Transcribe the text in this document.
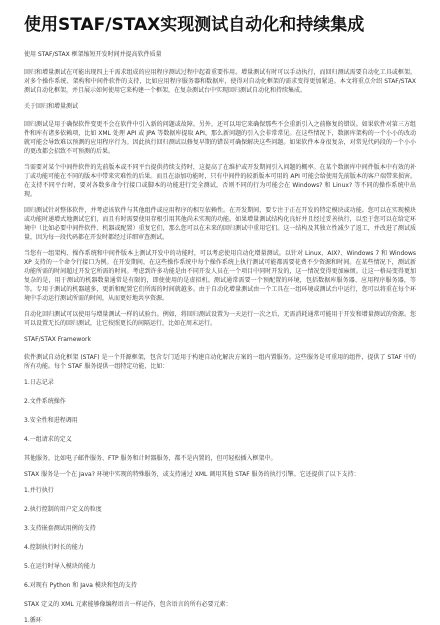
使用STAF/STAX实现测试自动化和持续集成
使用 STAF/STAX 框架缩短开发时间并提高软件质量
回归和增量测试在可能出现四上千需求组成的应用程序测试过程中起着重要作用。增量测试有时可以手动执行，而回归测试需要自动化工具或框架。对多个操作系统、架构和中间件软件的支持，比如应用程序服务器和数据库，使得对自动化框架的需求变得更加紧迫。本文将重点介绍 STAF/STAX 测试自动化框架，并且展示如何使用它来构建一个框架，在复杂测试台中实现回归测试自动化和持续集成。
关于回归和增量测试
回归测试是用于确保软件变更不会在软件中引入新的问题或故障。另外，还可以用它来确保那些不会重新引入之前修复的错误。如果软件对第三方组件和库有诸多依赖项，比如 XML 处理 API 或 JPA 等数据库提取 API，那么新问题的引入会非常常见。在这些情况下，数据库架构的一个小小的改动就可能会导致难以预测的应用程序行为。因此执行回归测试以修复早期的错误可确保解决这些问题。如果软件本身很复杂，对常见代码段的一个小小的更改都会招致不可预测的后果。
当需要对某个中间件软件的先前版本或不同平台提供持续支持时，这提高了在维护或开发期间引入问题的概率。在某个数据库中间件版本中有效的补丁或功能可能在不同的版本中带来灾难性的后果。而且在添加功能时，只有中间件的较新版本可用的 API 可能会给使用先前版本的客户端带来损害。在支持不同平台时，要对各数多命令行接口或脚本的功能进行完全测试，否则不同的行为可能会在 Windows? 和 Linux? 等不同的操作系统中出现。
回归测试针对整体软件，并考虑该软件与其他组件或应用程序的相互依赖性。在开发期间，要专注于正在开发的特定模块或功能。您可以在实现模块或功能时递增式地测试它们，而且有时需要使用存根引用其他尚未实现的功能。如果增量测试结构化良好并且经过妥善执行，以至于您可以在给定环境中（比如必要中间件软件、机器或配置）重复它们，那么您可以在未来的回归测试中重用它们。这一结构及其独立性减少了返工，并改进了测试质量，因为每一段代码都在开发时都经过详细审查测试。
当您有一组架构、操作系统和中间件版本上测试开发中的功能时，可以考虑使用自动化增量测试。以针对 Linux、AIX?、Windows 7 和 Windows XP 支持的一个命令行接口为例。在开发期间，在这些操作系统中每个操作系统上执行测试可能都需要花费不少资源和时间。在某些情况下，测试新功能所需的时间超过开发它所需的时间。考虑到许多功能是由不同开发人员在一个项目中同时开发的，这一情况变得更加麻烦。让这一格局变得更加复杂的是，用于测试的机器数量通常是有限的，即使使用的是虚拟机。测试通常需要一个预配置的环境，包括数据库服务器、应用程序服务器，等等。专用于测试的机器越多，更新和配置它们所需的时间就越多。由于自动化增量测试由一个工具在一组环境或测试台中运行，您可以将重在每个环境中手动运行测试所需的时间，从而更好地共享资源。
自动化回归测试可以使用与增量测试一样的试验台。例如，将回归测试设置为一天运行一次之后，无需消耗通常可能用于开发和增量测试的资源。您可以设置无长的回归测试，让它按照更长的间隔运行，比如在周末运行。
STAF/STAX Framework
软件测试自动化框架 (STAF) 是一个开源框架，包含专门适用于构建自动化解决方案的一组内置服务。这些服务是可重用的组件，提供了 STAF 中的所有功能。每个 STAF 服务提供一组特定功能，比如：
1.日志记录
2.文件系统操作
3.安全性和进程调用
4.一组请求的定义
其他服务，比如电子邮件服务、FTP 服务和计时器服务，都不是内置的，但可轻松插入框架中。
STAX 服务是一个在 Java? 环境中实现的特殊服务，或支持通过 XML 调用其他 STAF 服务的执行引擎。它还提供了以下支持：
1.并行执行
2.执行控制的用户定义的粒度
3.支持嵌套测试用例的支持
4.控制执行时长的能力
5.在运行时导入模块的能力
6.对现有 Python 和 Java 模块和包的支持
STAX 定义的 XML 元素能够像编程语言一样运作，包含语言的所有必要元素：
1.循环
